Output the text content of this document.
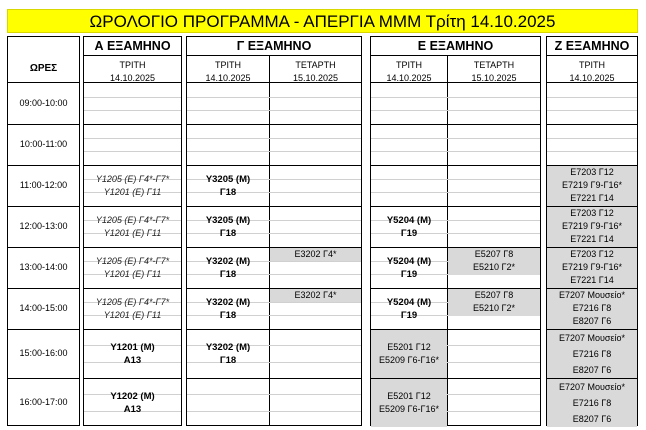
ΩΡΟΛΟΓΙΟ ΠΡΟΓΡΑΜΜΑ - ΑΠΕΡΓΙΑ ΜΜΜ Τρίτη 14.10.2025
ΩΡΕΣ
09:00-10:00
10:00-11:00
11:00-12:00
12:00-13:00
13:00-14:00
14:00-15:00
15:00-16:00
16:00-17:00
Α ΕΞΑΜΗΝΟ
ΤΡΙΤΗ
14.10.2025
Υ1205 (Ε) Γ4*-Γ7*
Υ1201 (Ε) Γ11
Υ1205 (Ε) Γ4*-Γ7*
Υ1201 (Ε) Γ11
Υ1205 (Ε) Γ4*-Γ7*
Υ1201 (Ε) Γ11
Υ1205 (Ε) Γ4*-Γ7*
Υ1201 (Ε) Γ11
Υ1201 (Μ)
Α13
Υ1202 (Μ)
Α13
Γ ΕΞΑΜΗΝΟ
ΤΡΙΤΗ
14.10.2025
ΤΕΤΑΡΤΗ
15.10.2025
Υ3205 (Μ)
Γ18
Υ3205 (Μ)
Γ18
Υ3202 (Μ)
Γ18
Υ3202 (Μ)
Γ18
Υ3202 (Μ)
Γ18
Ε3202 Γ4*
Ε3202 Γ4*
Ε ΕΞΑΜΗΝΟ
ΤΡΙΤΗ
14.10.2025
ΤΕΤΑΡΤΗ
15.10.2025
Υ5204 (Μ)
Γ19
Υ5204 (Μ)
Γ19
Υ5204 (Μ)
Γ19
Ε5201 Γ12
Ε5209 Γ6-Γ16*
Ε5201 Γ12
Ε5209 Γ6-Γ16*
Ε5207 Γ8
Ε5210 Γ2*
Ε5207 Γ8
Ε5210 Γ2*
Ζ ΕΞΑΜΗΝΟ
ΤΡΙΤΗ
14.10.2025
Ε7203 Γ12
Ε7219 Γ9-Γ16*
Ε7221 Γ14
Ε7203 Γ12
Ε7219 Γ9-Γ16*
Ε7221 Γ14
Ε7203 Γ12
Ε7219 Γ9-Γ16*
Ε7221 Γ14
Ε7207 Μουσείο*
Ε7216 Γ8
Ε8207 Γ6
Ε7207 Μουσείο*
Ε7216 Γ8
Ε8207 Γ6
Ε7207 Μουσείο*
Ε7216 Γ8
Ε8207 Γ6
